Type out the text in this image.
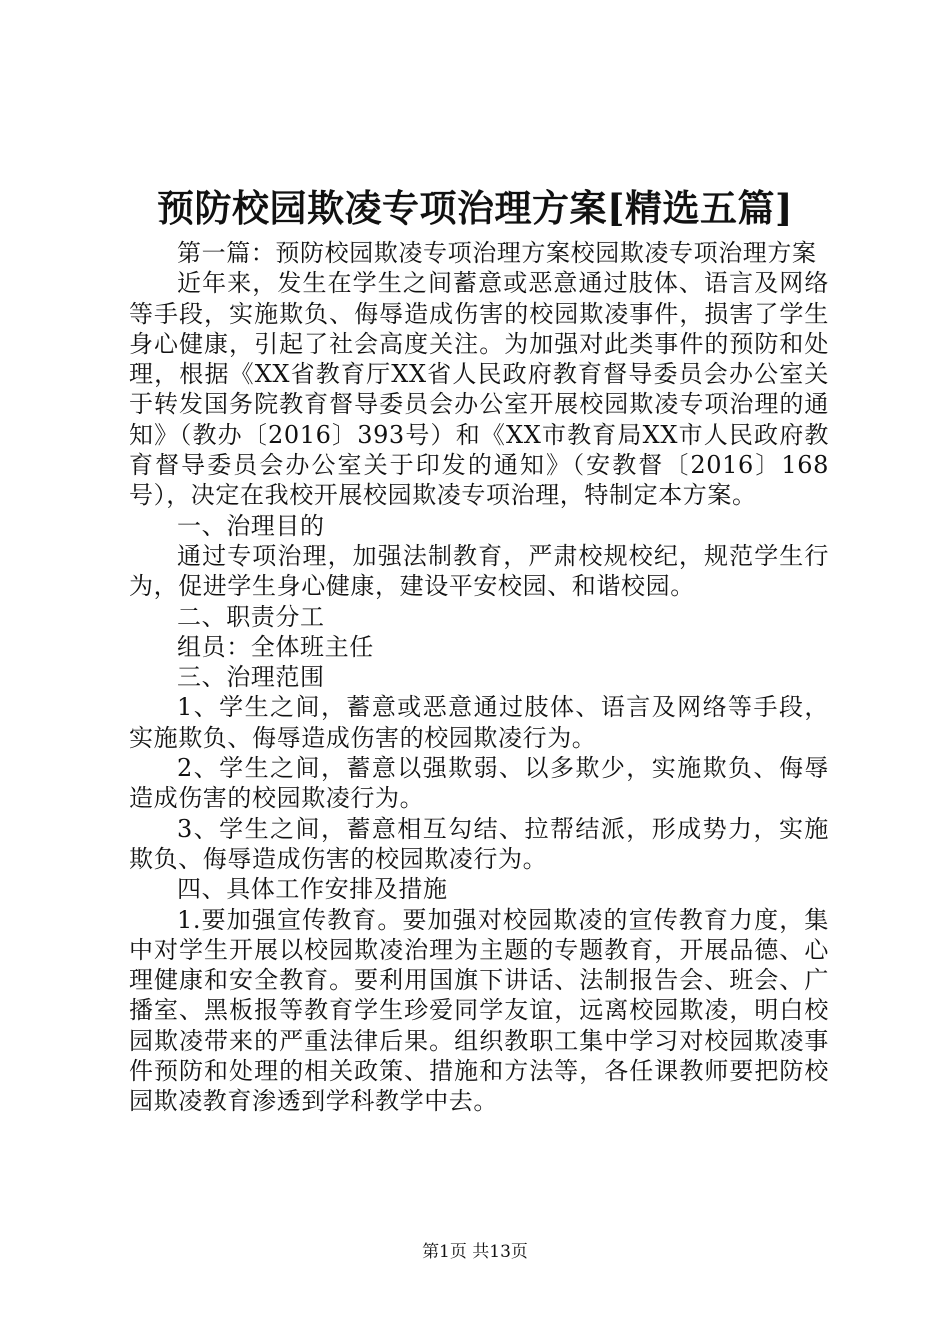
预防校园欺凌专项治理方案[精选五篇]

第一篇：预防校园欺凌专项治理方案校园欺凌专项治理方案

近年来，发生在学生之间蓄意或恶意通过肢体、语言及网络等手段，实施欺负、侮辱造成伤害的校园欺凌事件，损害了学生身心健康，引起了社会高度关注。为加强对此类事件的预防和处理，根据《XX省教育厅XX省人民政府教育督导委员会办公室关于转发国务院教育督导委员会办公室开展校园欺凌专项治理的通知》（教办〔2016〕393号）和《XX市教育局XX市人民政府教育督导委员会办公室关于印发的通知》（安教督〔2016〕168号），决定在我校开展校园欺凌专项治理，特制定本方案。

一、治理目的

通过专项治理，加强法制教育，严肃校规校纪，规范学生行为，促进学生身心健康，建设平安校园、和谐校园。

二、职责分工

组员：全体班主任

三、治理范围

1、学生之间，蓄意或恶意通过肢体、语言及网络等手段，实施欺负、侮辱造成伤害的校园欺凌行为。

2、学生之间，蓄意以强欺弱、以多欺少，实施欺负、侮辱造成伤害的校园欺凌行为。

3、学生之间，蓄意相互勾结、拉帮结派，形成势力，实施欺负、侮辱造成伤害的校园欺凌行为。

四、具体工作安排及措施

1.要加强宣传教育。要加强对校园欺凌的宣传教育力度，集中对学生开展以校园欺凌治理为主题的专题教育，开展品德、心理健康和安全教育。要利用国旗下讲话、法制报告会、班会、广播室、黑板报等教育学生珍爱同学友谊，远离校园欺凌，明白校园欺凌带来的严重法律后果。组织教职工集中学习对校园欺凌事件预防和处理的相关政策、措施和方法等，各任课教师要把防校园欺凌教育渗透到学科教学中去。

第1页 共13页
